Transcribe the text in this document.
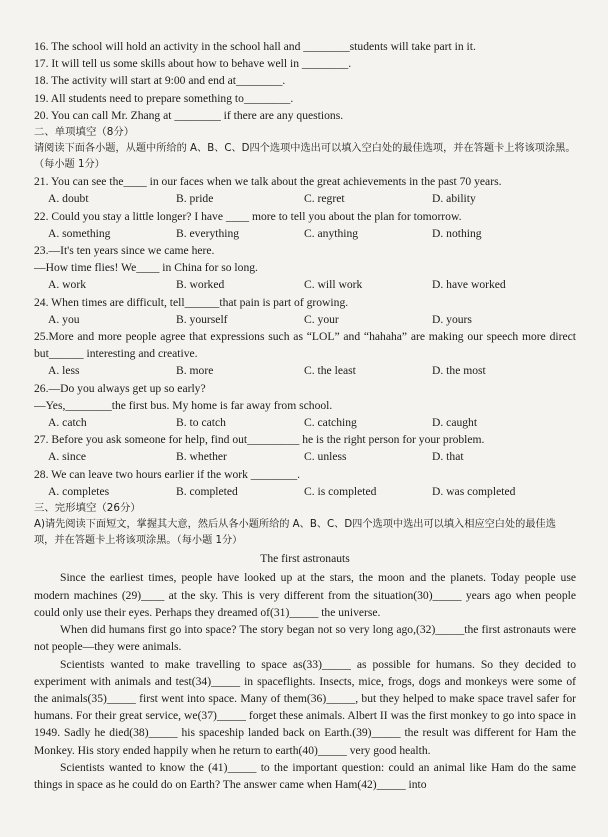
16. The school will hold an activity in the school hall and ________students will take part in it.
17. It will tell us some skills about how to behave well in ________.
18. The activity will start at 9:00 and end at________.
19. All students need to prepare something to________.
20. You can call Mr. Zhang at ________ if there are any questions.
二、单项填空（8分）
请阅读下面各小题，从题中所给的 A、B、C、D四个选项中选出可以填入空白处的最佳选项，并在答题卡上将该项涂黑。（每小题 1分）
21. You can see the____ in our faces when we talk about the great achievements in the past 70 years.
A. doubt	B. pride	C. regret	D. ability
22. Could you stay a little longer? I have ____ more to tell you about the plan for tomorrow.
A. something	B. everything	C. anything	D. nothing
23.—It's ten years since we came here.
—How time flies! We____ in China for so long.
A. work	B. worked	C. will work	D. have worked
24. When times are difficult, tell______that pain is part of growing.
A. you	B. yourself	C. your	D. yours
25.More and more people agree that expressions such as “LOL” and “hahaha” are making our speech more direct but______ interesting and creative.
A. less	B. more	C. the least	D. the most
26.—Do you always get up so early?
—Yes,________the first bus. My home is far away from school.
A. catch	B. to catch	C. catching	D. caught
27. Before you ask someone for help, find out_________ he is the right person for your problem.
A. since	B. whether	C. unless	D. that
28. We can leave two hours earlier if the work ________.
A. completes	B. completed	C. is completed	D. was completed
三、完形填空（26分）
A)请先阅读下面短文，掌握其大意，然后从各小题所给的 A、B、C、D四个选项中选出可以填入相应空白处的最佳选项，并在答题卡上将该项涂黑。（每小题 1分）
The first astronauts
Since the earliest times, people have looked up at the stars, the moon and the planets. Today people use modern machines (29)____ at the sky. This is very different from the situation(30)_____ years ago when people could only use their eyes. Perhaps they dreamed of(31)_____ the universe.
When did humans first go into space? The story began not so very long ago,(32)_____the first astronauts were not people—they were animals.
Scientists wanted to make travelling to space as(33)_____ as possible for humans. So they decided to experiment with animals and test(34)_____ in spaceflights. Insects, mice, frogs, dogs and monkeys were some of the animals(35)_____ first went into space. Many of them(36)_____, but they helped to make space travel safer for humans. For their great service, we(37)_____ forget these animals. Albert II was the first monkey to go into space in 1949. Sadly he died(38)_____ his spaceship landed back on Earth.(39)_____ the result was different for Ham the Monkey. His story ended happily when he return to earth(40)_____ very good health.
Scientists wanted to know the (41)_____ to the important question: could an animal like Ham do the same things in space as he could do on Earth? The answer came when Ham(42)_____ into
